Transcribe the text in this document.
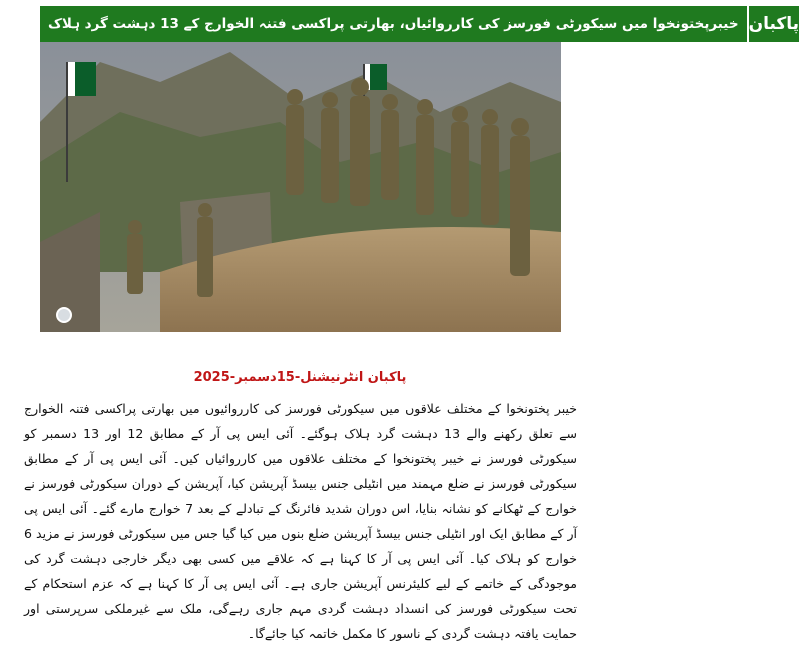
خیبرپختونخوا میں سیکورٹی فورسز کی کارروائیاں، بھارتی پراکسی فتنہ الخوارج کے 13 دہشت گرد ہلاک پاکبان
پاکبان انٹرنیشنل-15دسمبر-2025
خیبر پختونخوا کے مختلف علاقوں میں سیکورٹی فورسز کی کارروائیوں میں بھارتی پراکسی فتنہ الخوارج سے تعلق رکھنے والے 13 دہشت گرد ہلاک ہوگئے۔ آئی ایس پی آر کے مطابق 12 اور 13 دسمبر کو سیکورٹی فورسز نے خیبر پختونخوا کے مختلف علاقوں میں کارروائیاں کیں۔ آئی ایس پی آر کے مطابق سیکورٹی فورسز نے ضلع مہمند میں انٹیلی جنس بیسڈ آپریشن کیا، آپریشن کے دوران سیکورٹی فورسز نے خوارج کے ٹھکانے کو نشانہ بنایا، اس دوران شدید فائرنگ کے تبادلے کے بعد 7 خوارج مارے گئے۔ آئی ایس پی آر کے مطابق ایک اور انٹیلی جنس بیسڈ آپریشن ضلع بنوں میں کیا گیا جس میں سیکورٹی فورسز نے مزید 6 خوارج کو ہلاک کیا۔ آئی ایس پی آر کا کہنا ہے کہ علاقے میں کسی بھی دیگر خارجی دہشت گرد کی موجودگی کے خاتمے کے لیے کلیئرنس آپریشن جاری ہے۔ آئی ایس پی آر کا کہنا ہے کہ عزم استحکام کے تحت سیکورٹی فورسز کی انسداد دہشت گردی مہم جاری رہےگی، ملک سے غیرملکی سرپرستی اور حمایت یافتہ دہشت گردی کے ناسور کا مکمل خاتمہ کیا جائےگا۔
